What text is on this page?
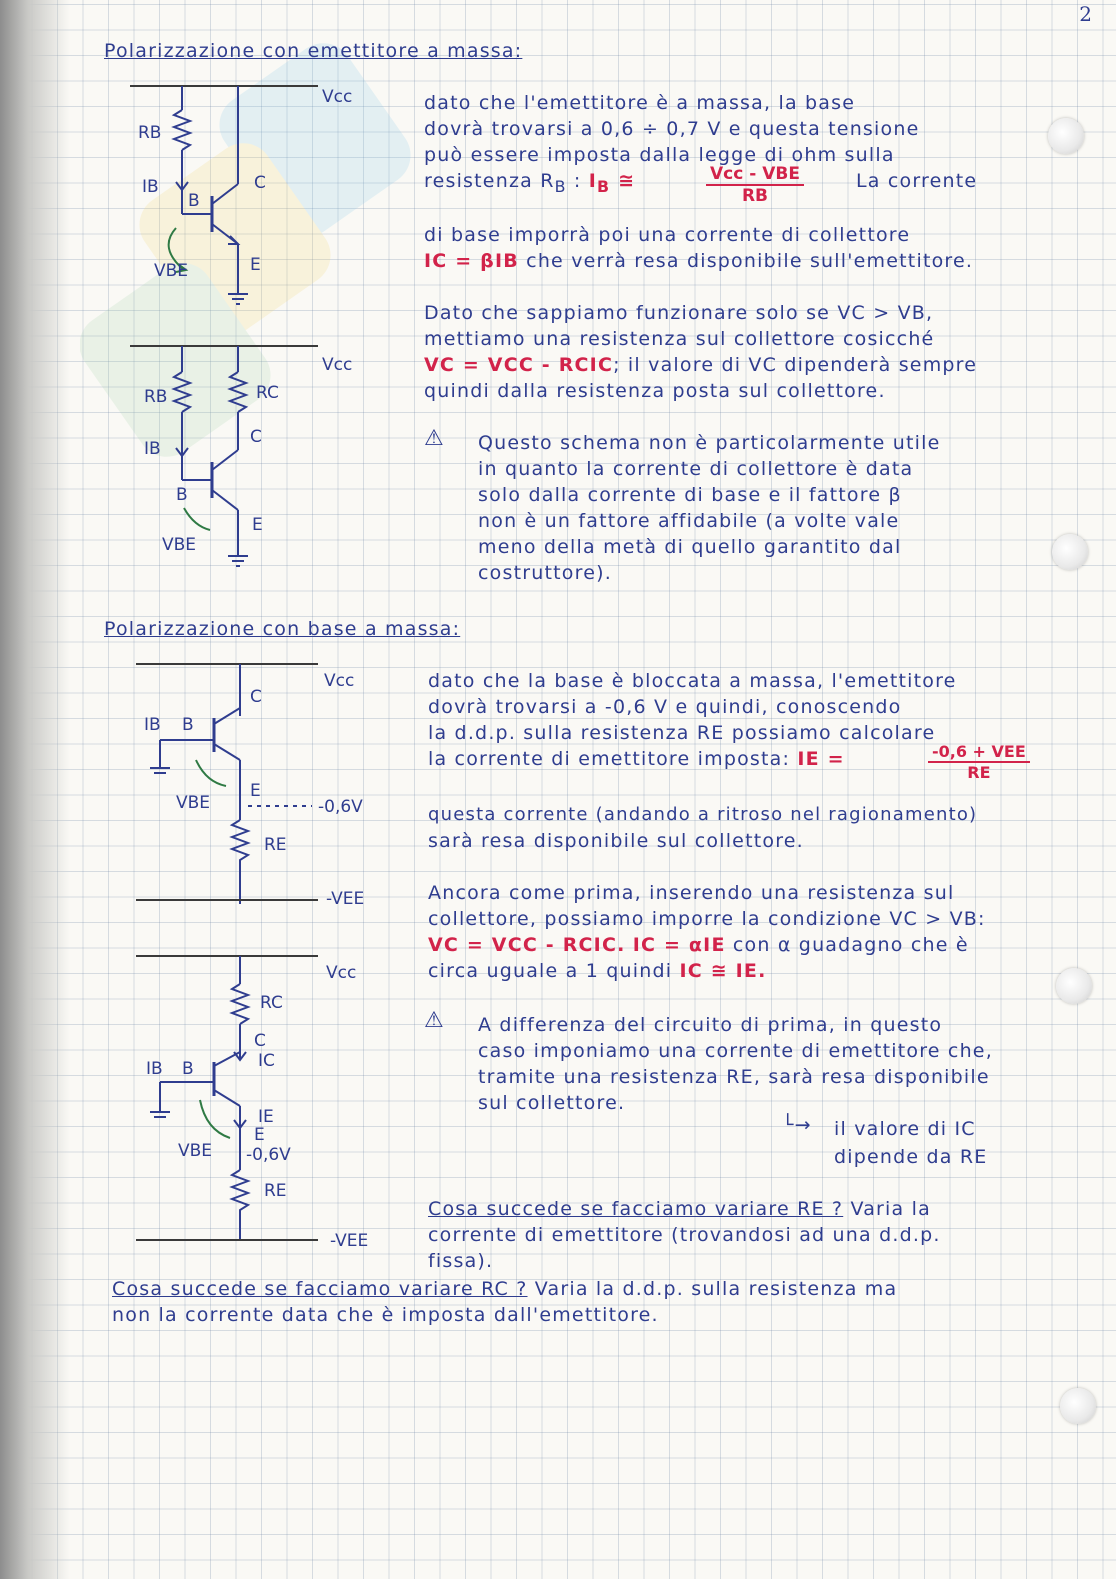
2
Polarizzazione con emettitore a massa:
dato che l'emettitore è a massa, la base
dovrà trovarsi a 0,6 ÷ 0,7 V e questa tensione
può essere imposta dalla legge di ohm sulla
resistenza $R_B$ : $I_B$ ≅	Vcc - VBE
RB
La corrente
di base imporrà poi una corrente di collettore
IC = βIB che verrà resa disponibile sull'emettitore.
Dato che sappiamo funzionare solo se VC > VB,
mettiamo una resistenza sul collettore cosicché
VC = VCC - RCIC; il valore di VC dipenderà sempre
quindi dalla resistenza posta sul collettore.
⚠ Questo schema non è particolarmente utile
in quanto la corrente di collettore è data
solo dalla corrente di base e il fattore β
non è un fattore affidabile (a volte vale
meno della metà di quello garantito dal
costruttore).
Polarizzazione con base a massa:
dato che la base è bloccata a massa, l'emettitore
dovrà trovarsi a -0,6 V e quindi, conoscendo
la d.d.p. sulla resistenza RE possiamo calcolare
la corrente di emettitore imposta: IE =	-0,6 + VEE
RE
questa corrente (andando a ritroso nel ragionamento)
sarà resa disponibile sul collettore.
Ancora come prima, inserendo una resistenza sul
collettore, possiamo imporre la condizione VC > VB:
VC = VCC - RCIC. IC = αIE con α guadagno che è
circa uguale a 1 quindi IC ≅ IE.
⚠ A differenza del circuito di prima, in questo
caso imponiamo una corrente di emettitore che,
tramite una resistenza RE, sarà resa disponibile
sul collettore.
└→ il valore di IC
dipende da RE
Cosa succede se facciamo variare RE ? Varia la
corrente di emettitore (trovandosi ad una d.d.p.
fissa).
Cosa succede se facciamo variare RC ? Varia la d.d.p. sulla resistenza ma
non la corrente data che è imposta dall'emettitore.
Vcc
RB
IB
B
C
E
VBE
Vcc
RB	RC
IB
B
C
E
VBE
Vcc
C
IB B
E
-0,6V
RE
VBE
-VEE
Vcc
RC
C
IC
IB B
IE
E
-0,6V
VBE
RE
-VEE
